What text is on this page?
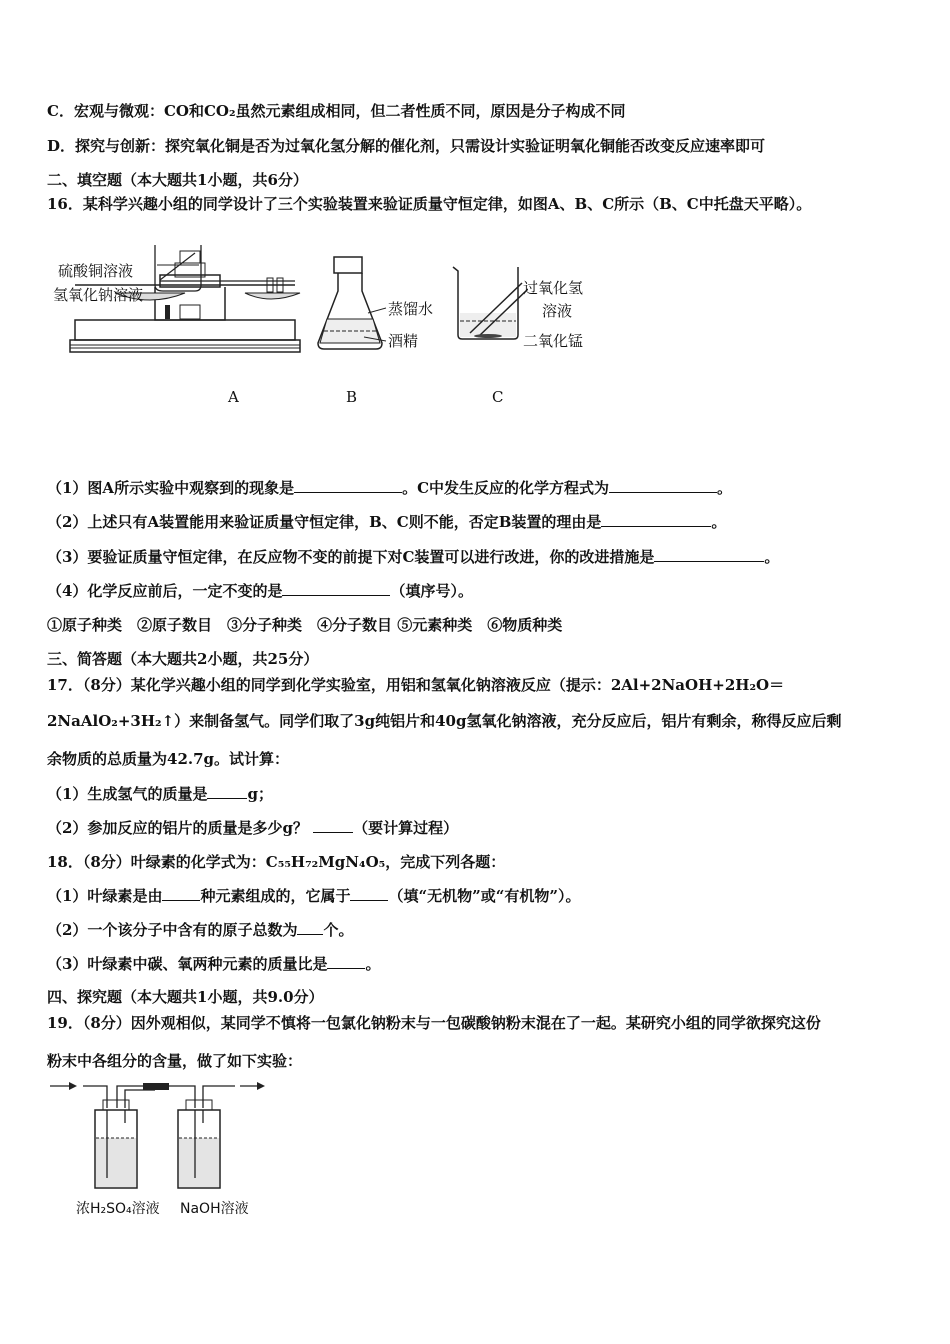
C．宏观与微观：CO和CO₂虽然元素组成相同，但二者性质不同，原因是分子构成不同
D．探究与创新：探究氧化铜是否为过氧化氢分解的催化剂，只需设计实验证明氧化铜能否改变反应速率即可
二、填空题（本大题共1小题，共6分）
16．某科学兴趣小组的同学设计了三个实验装置来验证质量守恒定律，如图A、B、C所示（B、C中托盘天平略）。
硫酸铜溶液
氢氧化钠溶液
A
蒸馏水
酒精
B
过氧化氢
溶液
二氧化锰
C
（1）图A所示实验中观察到的现象是	。C中发生反应的化学方程式为	。
（2）上述只有A装置能用来验证质量守恒定律，B、C则不能，否定B装置的理由是	。
（3）要验证质量守恒定律，在反应物不变的前提下对C装置可以进行改进，你的改进措施是	。
（4）化学反应前后，一定不变的是	（填序号）。
①原子种类　②原子数目　③分子种类　④分子数目 ⑤元素种类　⑥物质种类
三、简答题（本大题共2小题，共25分）
17．（8分）某化学兴趣小组的同学到化学实验室，用铝和氢氧化钠溶液反应（提示：2Al+2NaOH+2H₂O＝
2NaAlO₂+3H₂↑）来制备氢气。同学们取了3g纯铝片和40g氢氧化钠溶液，充分反应后，铝片有剩余，称得反应后剩
余物质的总质量为42.7g。试计算：
（1）生成氢气的质量是	g；
（2）参加反应的铝片的质量是多少g？	（要计算过程）
18．（8分）叶绿素的化学式为：C₅₅H₇₂MgN₄O₅，完成下列各题：
（1）叶绿素是由	种元素组成的，它属于	（填“无机物”或“有机物”）。
（2）一个该分子中含有的原子总数为 个。
（3）叶绿素中碳、氧两种元素的质量比是	。
四、探究题（本大题共1小题，共9.0分）
19．（8分）因外观相似，某同学不慎将一包氯化钠粉末与一包碳酸钠粉末混在了一起。某研究小组的同学欲探究这份
粉末中各组分的含量，做了如下实验：
浓H₂SO₄溶液 NaOH溶液
